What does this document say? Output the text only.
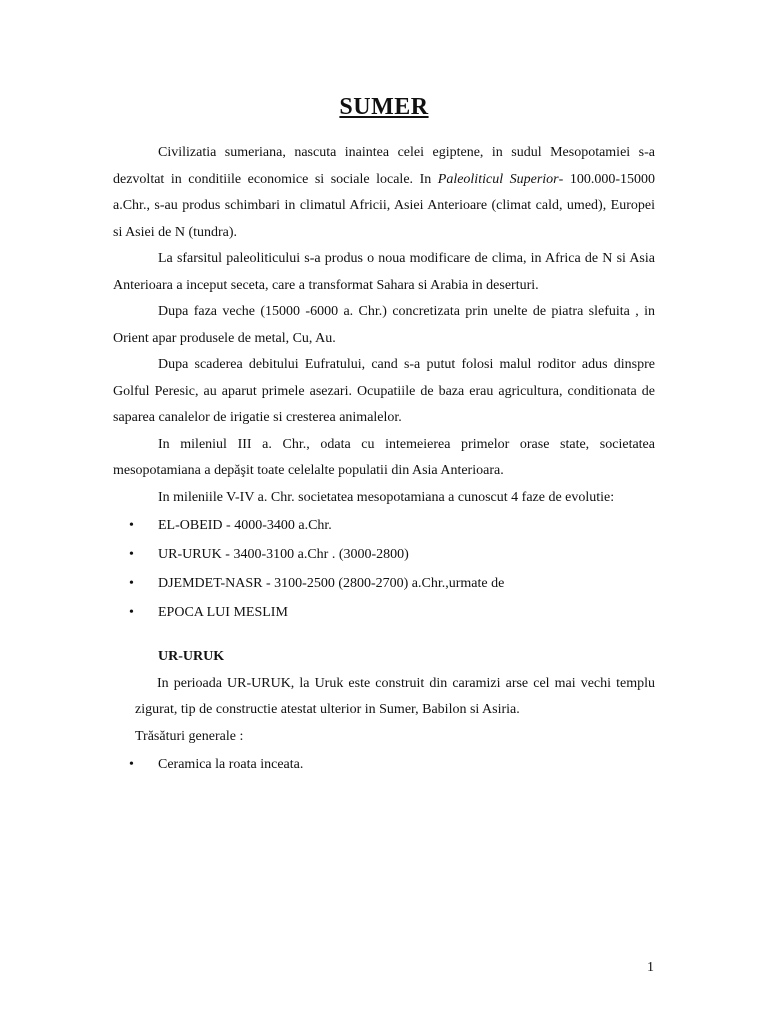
SUMER

Civilizatia sumeriana, nascuta inaintea celei egiptene, in sudul Mesopotamiei s-a dezvoltat in conditiile economice si sociale locale. In Paleoliticul Superior- 100.000-15000 a.Chr., s-au produs schimbari in climatul Africii, Asiei Anterioare (climat cald, umed), Europei si Asiei de N (tundra).

La sfarsitul paleoliticului s-a produs o noua modificare de clima, in Africa de N si Asia Anterioara a inceput seceta, care a transformat Sahara si Arabia in deserturi.

Dupa faza veche (15000 -6000 a. Chr.) concretizata prin unelte de piatra slefuita , in Orient apar produsele de metal, Cu, Au.

Dupa scaderea debitului Eufratului, cand s-a putut folosi malul roditor adus dinspre Golful Peresic, au aparut primele asezari. Ocupatiile de baza erau agricultura, conditionata de saparea canalelor de irigatie si cresterea animalelor.

In mileniul III a. Chr., odata cu intemeierea primelor orase state, societatea mesopotamiana a depăşit toate celelalte populatii din Asia Anterioara.

In mileniile V-IV a. Chr. societatea mesopotamiana a cunoscut 4 faze de evolutie:

• EL-OBEID - 4000-3400 a.Chr.
• UR-URUK - 3400-3100 a.Chr . (3000-2800)
• DJEMDET-NASR - 3100-2500 (2800-2700) a.Chr.,urmate de
• EPOCA LUI MESLIM
UR-URUK

In perioada UR-URUK, la Uruk este construit din caramizi arse cel mai vechi templu zigurat, tip de constructie atestat ulterior in Sumer, Babilon si Asiria.

Trăsături generale :

• Ceramica la roata inceata.
1
